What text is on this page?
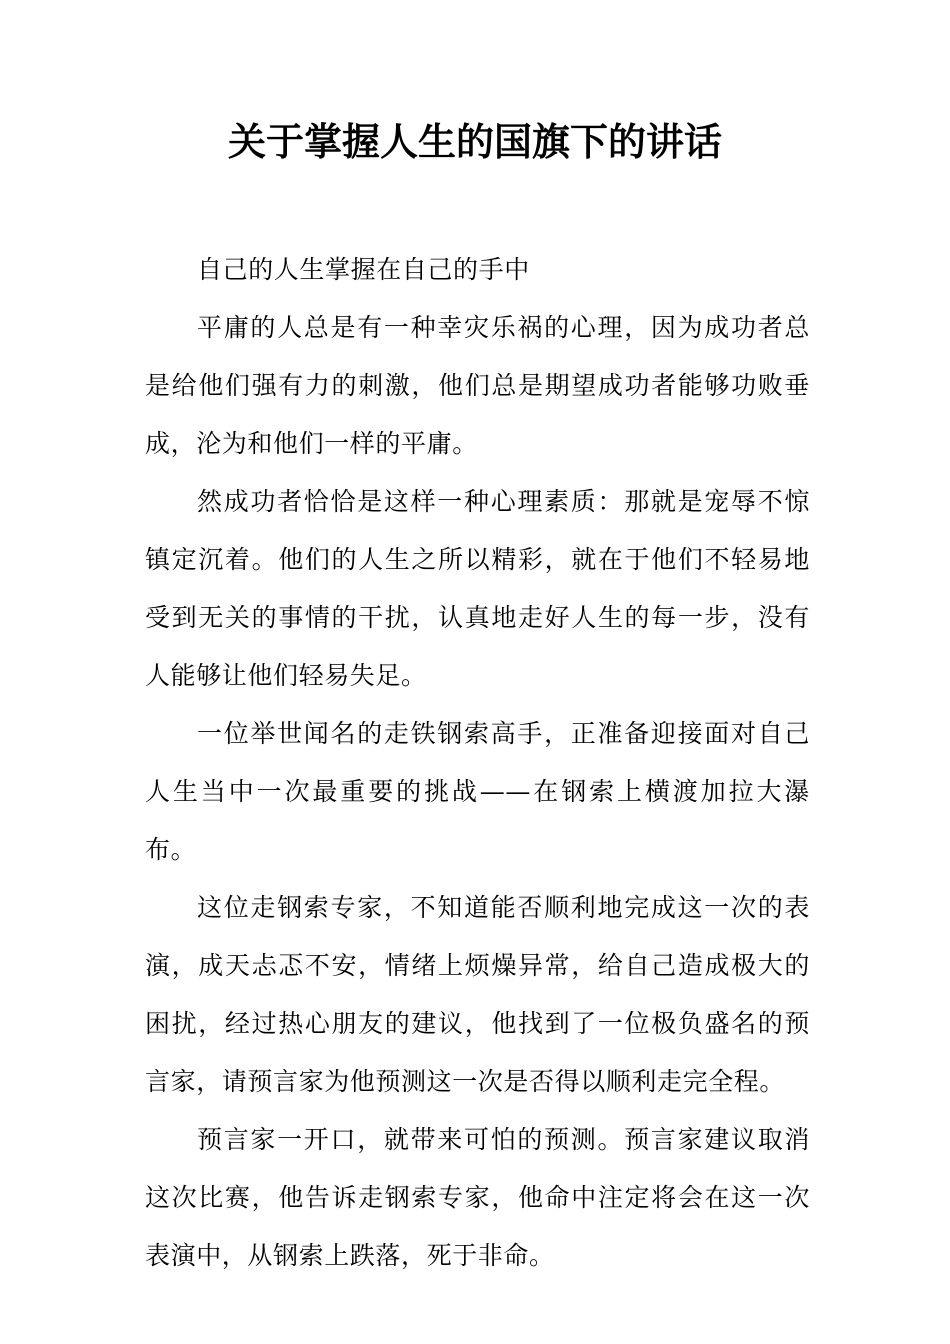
关于掌握人生的国旗下的讲话

自己的人生掌握在自己的手中

平庸的人总是有一种幸灾乐祸的心理，因为成功者总是给他们强有力的刺激，他们总是期望成功者能够功败垂成，沦为和他们一样的平庸。

然成功者恰恰是这样一种心理素质：那就是宠辱不惊镇定沉着。他们的人生之所以精彩，就在于他们不轻易地受到无关的事情的干扰，认真地走好人生的每一步，没有人能够让他们轻易失足。

一位举世闻名的走铁钢索高手，正准备迎接面对自己人生当中一次最重要的挑战——在钢索上横渡加拉大瀑布。

这位走钢索专家，不知道能否顺利地完成这一次的表演，成天忐忑不安，情绪上烦燥异常，给自己造成极大的困扰，经过热心朋友的建议，他找到了一位极负盛名的预言家，请预言家为他预测这一次是否得以顺利走完全程。

预言家一开口，就带来可怕的预测。预言家建议取消这次比赛，他告诉走钢索专家，他命中注定将会在这一次表演中，从钢索上跌落，死于非命。
